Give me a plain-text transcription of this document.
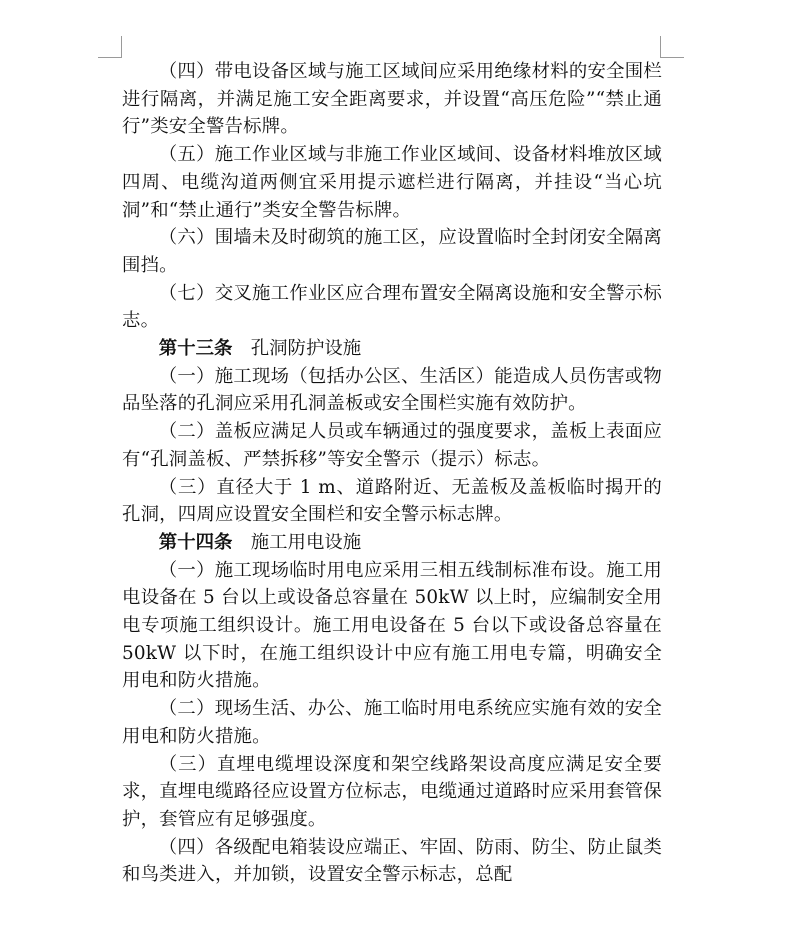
（四）带电设备区域与施工区域间应采用绝缘材料的安全围栏进行隔离，并满足施工安全距离要求，并设置“高压危险”“禁止通行”类安全警告标牌。

（五）施工作业区域与非施工作业区域间、设备材料堆放区域四周、电缆沟道两侧宜采用提示遮栏进行隔离，并挂设“当心坑洞”和“禁止通行”类安全警告标牌。

（六）围墙未及时砌筑的施工区，应设置临时全封闭安全隔离围挡。

（七）交叉施工作业区应合理布置安全隔离设施和安全警示标志。

第十三条 孔洞防护设施

（一）施工现场（包括办公区、生活区）能造成人员伤害或物品坠落的孔洞应采用孔洞盖板或安全围栏实施有效防护。

（二）盖板应满足人员或车辆通过的强度要求，盖板上表面应有“孔洞盖板、严禁拆移”等安全警示（提示）标志。

（三）直径大于 1 m、道路附近、无盖板及盖板临时揭开的孔洞，四周应设置安全围栏和安全警示标志牌。

第十四条 施工用电设施

（一）施工现场临时用电应采用三相五线制标准布设。施工用电设备在 5 台以上或设备总容量在 50kW 以上时，应编制安全用电专项施工组织设计。施工用电设备在 5 台以下或设备总容量在 50kW 以下时，在施工组织设计中应有施工用电专篇，明确安全用电和防火措施。

（二）现场生活、办公、施工临时用电系统应实施有效的安全用电和防火措施。

（三）直埋电缆埋设深度和架空线路架设高度应满足安全要求，直埋电缆路径应设置方位标志，电缆通过道路时应采用套管保护，套管应有足够强度。

（四）各级配电箱装设应端正、牢固、防雨、防尘、防止鼠类和鸟类进入，并加锁，设置安全警示标志，总配
